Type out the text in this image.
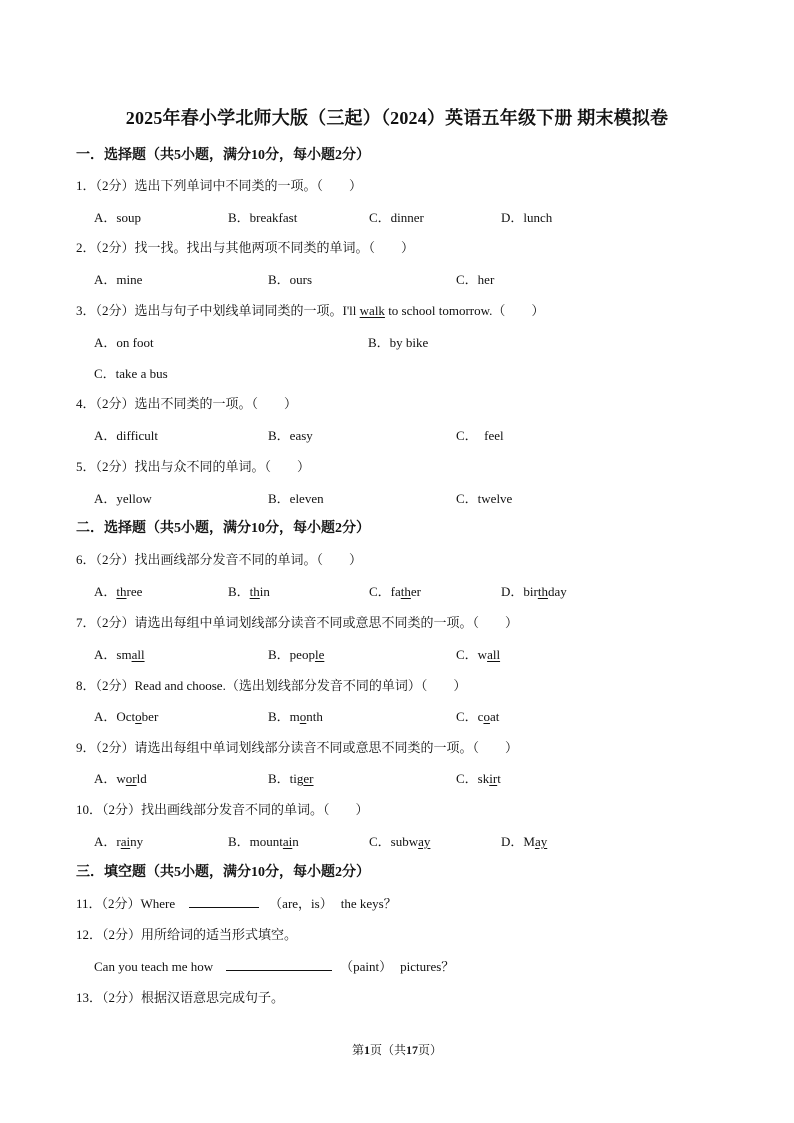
2025年春小学北师大版（三起）（2024）英语五年级下册 期末模拟卷
一．选择题（共5小题，满分10分，每小题2分）
1．（2分）选出下列单词中不同类的一项。（　　）
A．soup	B．breakfast	C．dinner	D．lunch
2．（2分）找一找。找出与其他两项不同类的单词。（　　）
A．mine	B．ours	C．her
3．（2分）选出与句子中划线单词同类的一项。I'll walk to school tomorrow.（　　）
A．on foot	B．by bike
C．take a bus
4．（2分）选出不同类的一项。（　　）
A．difficult	B．easy	C．　feel
5．（2分）找出与众不同的单词。（　　）
A．yellow	B．eleven	C．twelve
二．选择题（共5小题，满分10分，每小题2分）
6．（2分）找出画线部分发音不同的单词。（　　）
A．three	B．thin	C．father	D．birthday
7．（2分）请选出每组中单词划线部分读音不同或意思不同类的一项。（　　）
A．small	B．people	C．wall
8．（2分）Read and choose.（选出划线部分发音不同的单词）（　　）
A．October	B．month	C．coat
9．（2分）请选出每组中单词划线部分读音不同或意思不同类的一项。（　　）
A．world	B．tiger	C．skirt
10．（2分）找出画线部分发音不同的单词。（　　）
A．rainy	B．mountain	C．subway	D．May
三．填空题（共5小题，满分10分，每小题2分）
11．（2分）Where	（are，is） the keys？
12．（2分）用所给词的适当形式填空。
Can you teach me how	（paint） pictures？
13．（2分）根据汉语意思完成句子。
第1页（共17页）
